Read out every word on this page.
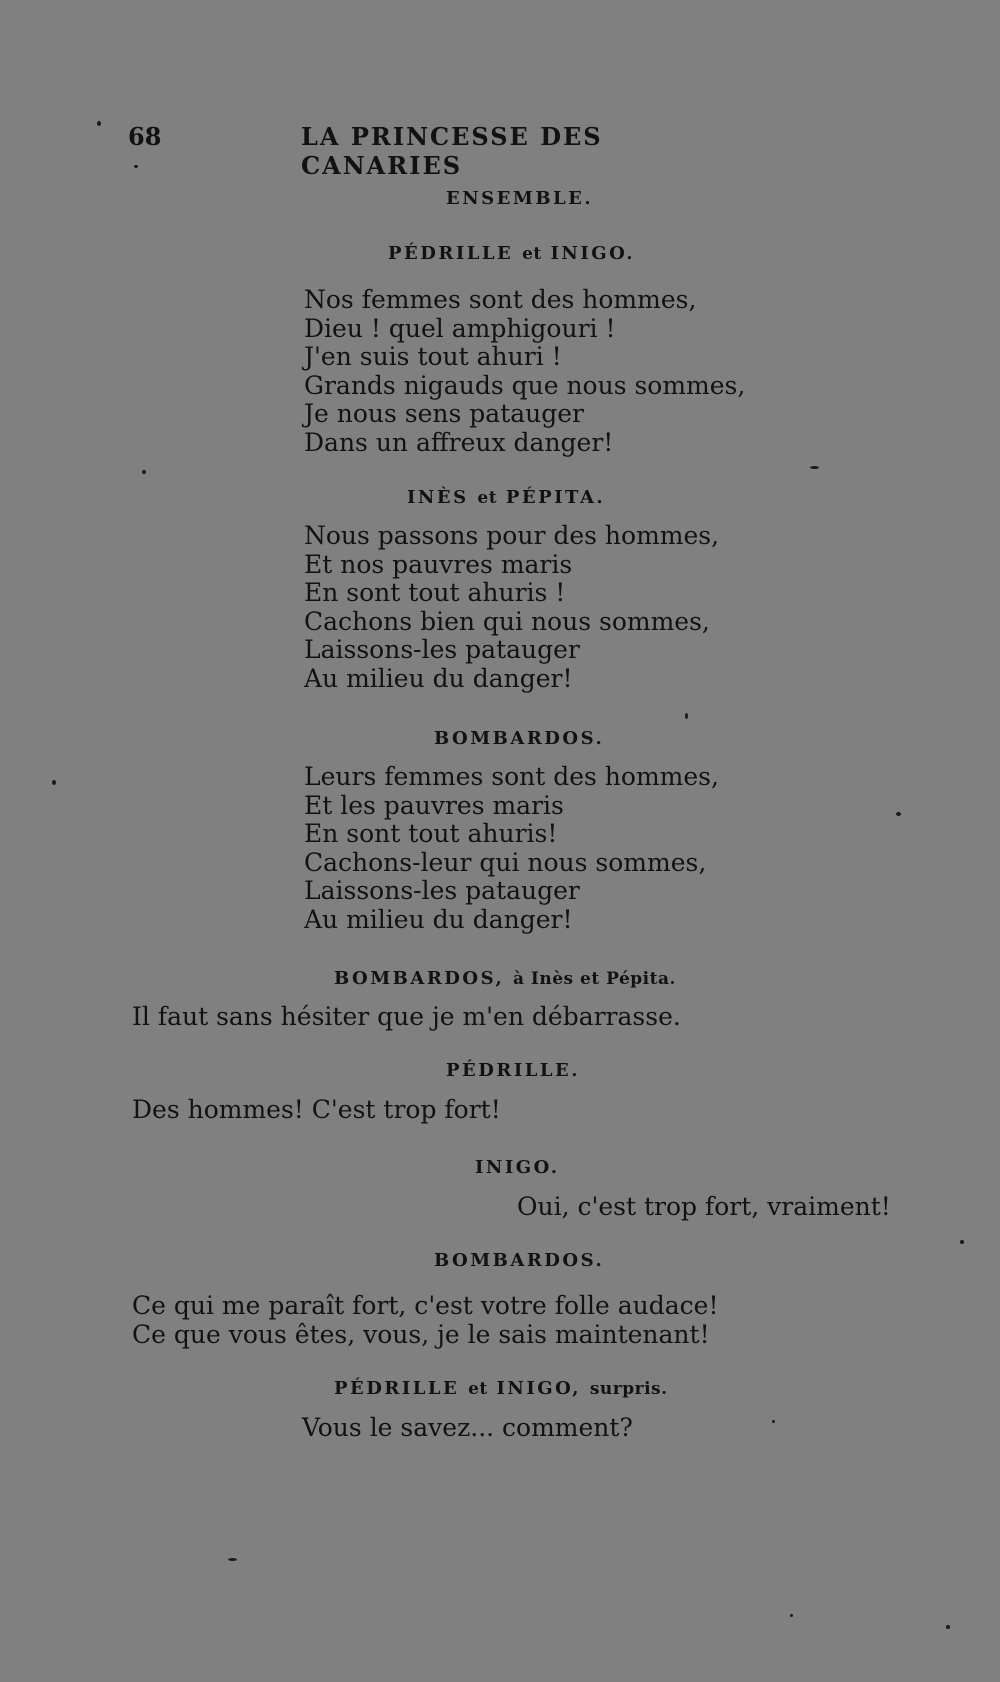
68	LA PRINCESSE DES CANARIES
ENSEMBLE.
PÉDRILLE et INIGO.
Nos femmes sont des hommes,
Dieu ! quel amphigouri !
J'en suis tout ahuri !
Grands nigauds que nous sommes,
Je nous sens patauger
Dans un affreux danger!
INÈS et PÉPITA.
Nous passons pour des hommes,
Et nos pauvres maris
En sont tout ahuris !
Cachons bien qui nous sommes,
Laissons-les patauger
Au milieu du danger!
BOMBARDOS.
Leurs femmes sont des hommes,
Et les pauvres maris
En sont tout ahuris!
Cachons-leur qui nous sommes,
Laissons-les patauger
Au milieu du danger!
BOMBARDOS, à Inès et Pépita.
Il faut sans hésiter que je m'en débarrasse.
PÉDRILLE.
Des hommes! C'est trop fort!
INIGO.
Oui, c'est trop fort, vraiment!
BOMBARDOS.
Ce qui me paraît fort, c'est votre folle audace!
Ce que vous êtes, vous, je le sais maintenant!
PÉDRILLE et INIGO, surpris.
Vous le savez... comment?
